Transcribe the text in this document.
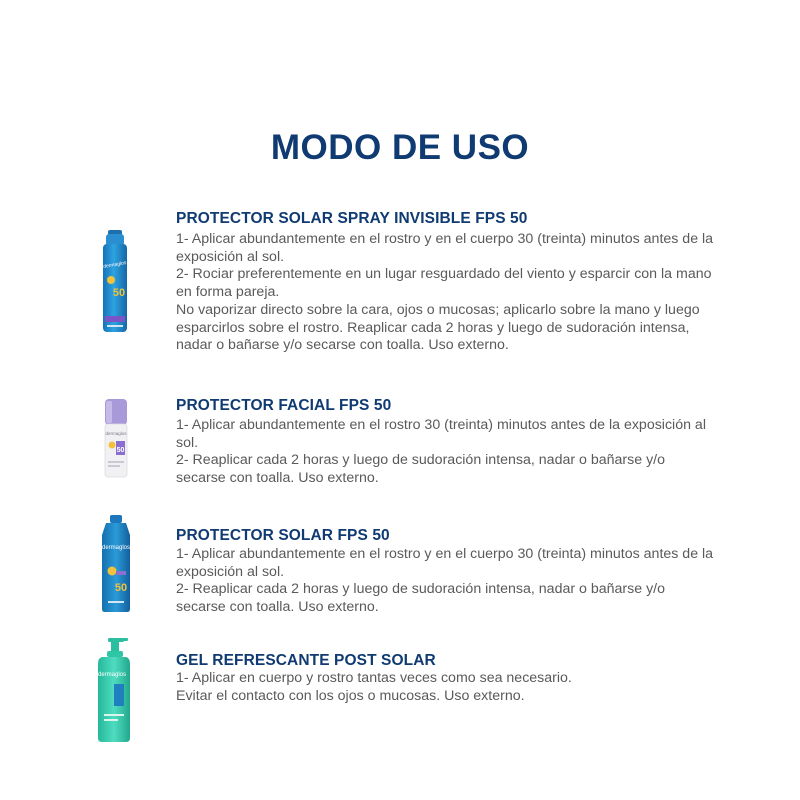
MODO DE USO
dermaglos
50
PROTECTOR SOLAR SPRAY INVISIBLE FPS 50

1- Aplicar abundantemente en el rostro y en el cuerpo 30 (treinta) minutos antes de la exposición al sol.

2- Rociar preferentemente en un lugar resguardado del viento y esparcir con la mano en forma pareja.

No vaporizar directo sobre la cara, ojos o mucosas; aplicarlo sobre la mano y luego esparcirlos sobre el rostro. Reaplicar cada 2 horas y luego de sudoración intensa, nadar o bañarse y/o secarse con toalla. Uso externo.

dermaglos
50
PROTECTOR FACIAL FPS 50

1- Aplicar abundantemente en el rostro 30 (treinta) minutos antes de la exposición al sol.

2- Reaplicar cada 2 horas y luego de sudoración intensa, nadar o bañarse y/o secarse con toalla. Uso externo.

dermaglos
50
PROTECTOR SOLAR FPS 50

1- Aplicar abundantemente en el rostro y en el cuerpo 30 (treinta) minutos antes de la exposición al sol.

2- Reaplicar cada 2 horas y luego de sudoración intensa, nadar o bañarse y/o secarse con toalla. Uso externo.

dermaglos
GEL REFRESCANTE POST SOLAR

1- Aplicar en cuerpo y rostro tantas veces como sea necesario.

Evitar el contacto con los ojos o mucosas. Uso externo.
